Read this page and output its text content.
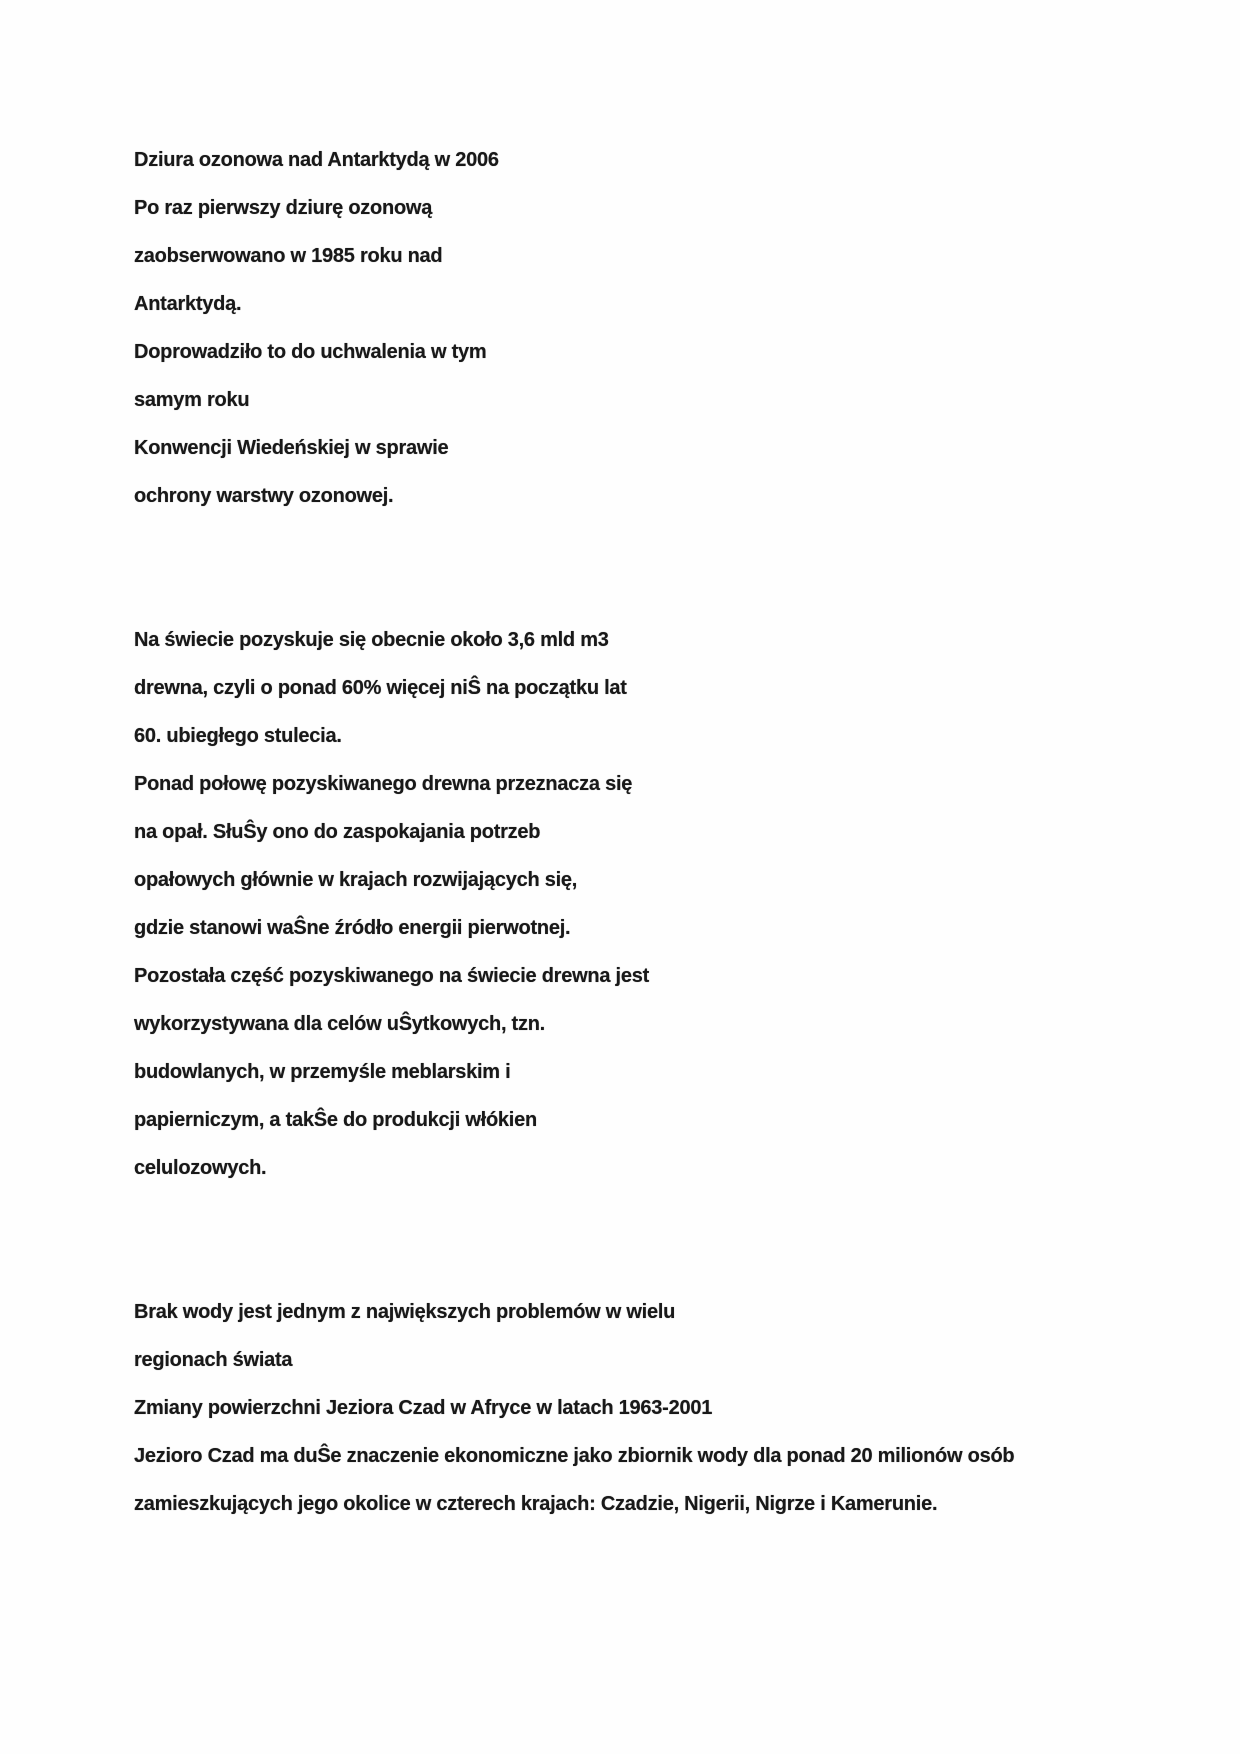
Dziura ozonowa nad Antarktydą w 2006
Po raz pierwszy dziurę ozonową
zaobserwowano w 1985 roku nad
Antarktydą.
Doprowadziło to do uchwalenia w tym
samym roku
Konwencji Wiedeńskiej w sprawie
ochrony warstwy ozonowej.
Na świecie pozyskuje się obecnie około 3,6 mld m3
drewna, czyli o ponad 60% więcej niŜ na początku lat
60. ubiegłego stulecia.
Ponad połowę pozyskiwanego drewna przeznacza się
na opał. SłuŜy ono do zaspokajania potrzeb
opałowych głównie w krajach rozwijających się,
gdzie stanowi waŜne źródło energii pierwotnej.
Pozostała część pozyskiwanego na świecie drewna jest
wykorzystywana dla celów uŜytkowych, tzn.
budowlanych, w przemyśle meblarskim i
papierniczym, a takŜe do produkcji włókien
celulozowych.
Brak wody jest jednym z największych problemów w wielu
regionach świata
Zmiany powierzchni Jeziora Czad w Afryce w latach 1963-2001
Jezioro Czad ma duŜe znaczenie ekonomiczne jako zbiornik wody dla ponad 20 milionów osób
zamieszkujących jego okolice w czterech krajach: Czadzie, Nigerii, Nigrze i Kamerunie.
